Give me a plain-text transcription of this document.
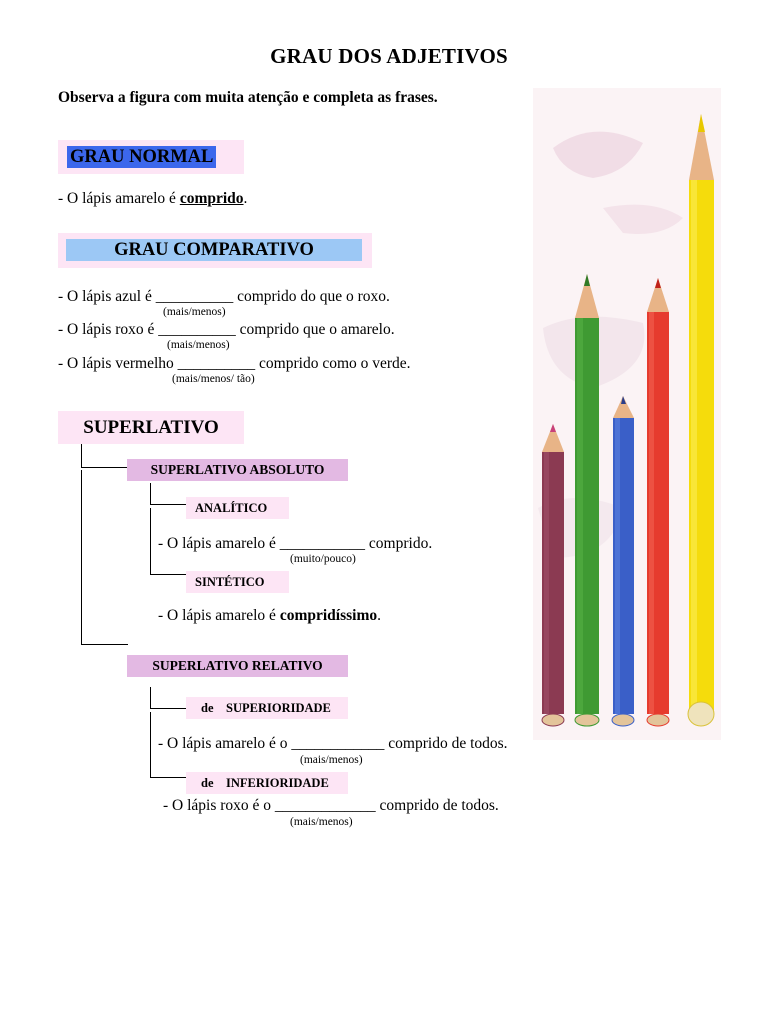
GRAU DOS ADJETIVOS
Observa a figura com muita atenção e completa as frases.
GRAU NORMAL
- O lápis amarelo é comprido.
GRAU COMPARATIVO
- O lápis azul é __________ comprido do que o roxo.
(mais/menos)
- O lápis roxo é __________ comprido que o amarelo.
(mais/menos)
- O lápis vermelho __________ comprido como o verde.
(mais/menos/ tão)
SUPERLATIVO
SUPERLATIVO ABSOLUTO
ANALÍTICO
- O lápis amarelo é ___________ comprido.
(muito/pouco)
SINTÉTICO
- O lápis amarelo é compridíssimo.
SUPERLATIVO RELATIVO
de    SUPERIORIDADE
- O lápis amarelo é o ____________ comprido de todos.
(mais/menos)
de    INFERIORIDADE
- O lápis roxo é o _____________ comprido de todos.
(mais/menos)
